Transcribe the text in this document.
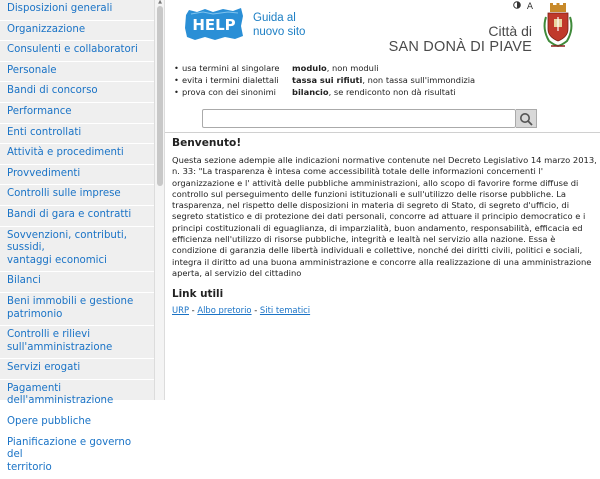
Disposizioni generali
Organizzazione
Consulenti e collaboratori
Personale
Bandi di concorso
Performance
Enti controllati
Attività e procedimenti
Provvedimenti
Controlli sulle imprese
Bandi di gara e contratti
Sovvenzioni, contributi, sussidi,
vantaggi economici
Bilanci
Beni immobili e gestione
patrimonio
Controlli e rilievi
sull'amministrazione
Servizi erogati
Pagamenti
dell'amministrazione
Opere pubbliche
Pianificazione e governo del
territorio
▲
HELP Guida al
nuovo sito
A
Città di
SAN DONÀ DI PIAVE
• usa termini al singolare modulo, non moduli
• evita i termini dialettali tassa sui rifiuti, non tassa sull'immondizia
• prova con dei sinonimi bilancio, se rendiconto non dà risultati
Benvenuto!

Questa sezione adempie alle indicazioni normative contenute nel Decreto Legislativo 14 marzo 2013, n. 33: "La trasparenza è intesa come accessibilità totale delle informazioni concernenti l' organizzazione e l' attività delle pubbliche amministrazioni, allo scopo di favorire forme diffuse di controllo sul perseguimento delle funzioni istituzionali e sull'utilizzo delle risorse pubbliche. La trasparenza, nel rispetto delle disposizioni in materia di segreto di Stato, di segreto d'ufficio, di segreto statistico e di protezione dei dati personali, concorre ad attuare il principio democratico e i principi costituzionali di eguaglianza, di imparzialità, buon andamento, responsabilità, efficacia ed efficienza nell'utilizzo di risorse pubbliche, integrità e lealtà nel servizio alla nazione. Essa è condizione di garanzia delle libertà individuali e collettive, nonché dei diritti civili, politici e sociali, integra il diritto ad una buona amministrazione e concorre alla realizzazione di una amministrazione aperta, al servizio del cittadino

Link utili
URP - Albo pretorio - Siti tematici
